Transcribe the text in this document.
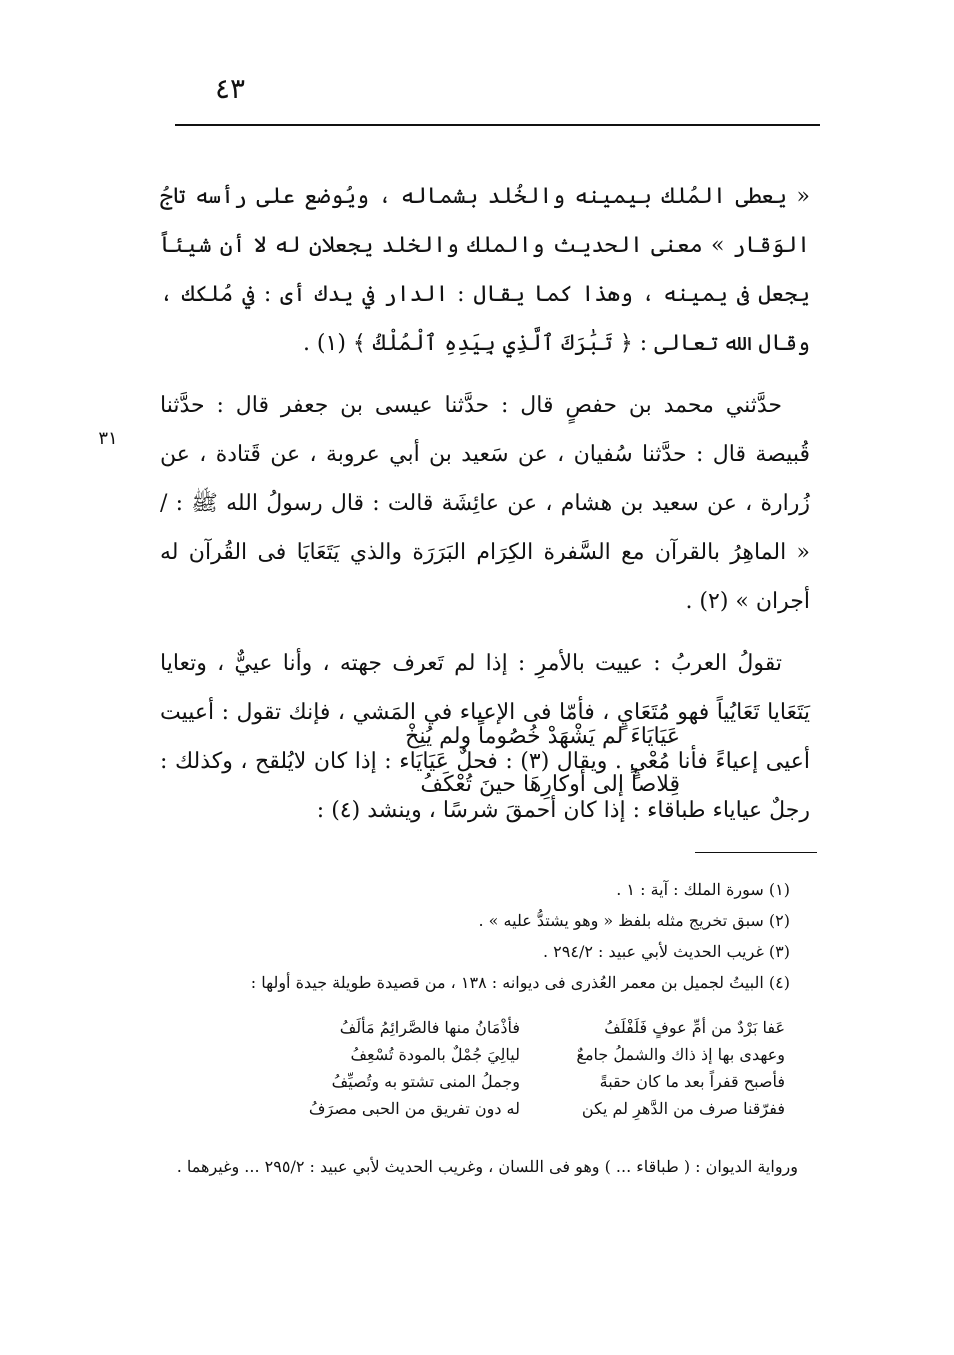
٤٣

« يعطى المُلك بيمينه والخُلد بشماله ، ويُوضع على رأسه تاجُ الوَقار » معنى الحديث والملك والخلد يجعلان له لا أن شيئاً يجعل فى يمينه ، وهذا كما يقال : الدار في يدك أى : في مُلكك ، وقال الله تعالى : ﴿ تَبَٰرَكَ ٱلَّذِي بِيَدِهِ ٱلْمُلْكُ ﴾ (١) .

حدَّثني محمد بن حفصٍ قال : حدَّثنا عيسى بن جعفر قال : حدَّثنا قُبيصة قال : حدَّثنا سُفيان ، عن سَعيد بن أبي عروبة ، عن قَتادة ، عن زُرارة ، عن سعيد بن هشام ، عن عائِشَة قالت : قال رسولُ الله ﷺ : / « الماهِرُ بالقرآن مع السَّفرة الكِرَام البَرَرَة والذي يَتَعَايَا فى القُرآن له أجران » (٢) .

تقولُ العربُ : عييت بالأمرِ : إذا لم تَعرف جهته ، وأنا عييٌّ ، وتعايا يَتَعَايا تَعَايُياً فهو مُتَعَايٍ ، فأمّا فى الإعياء في المَشي ، فإنك تقول : أعييت أعيى إعياءً فأنا مُعْيٍ . ويقال (٣) : فحلٌ عَيَايَاء : إذا كان لايُلقح ، وكذلك : رجلٌ عياياء طباقاء : إذا كان أحمقَ شرسًا ، وينشد (٤) :

٣١
عَيَايَاءَ لم يَشْهَدْ خُصُوماً ولم يُنِخْ
قِلاصاً إلى أوكارِهَا حينَ تُعْكَفُ

(١) سورة الملك : آية : ١ .

(٢) سبق تخريج مثله بلفظ « وهو يشتدُّ عليه » .

(٣) غريب الحديث لأبي عبيد : ٢٩٤/٢ .

(٤) البيتُ لجميل بن معمر العُذرى فى ديوانه : ١٣٨ ، من قصيدة طويلة جيدة أولها :

عَفا بَرْدٌ من أمِّ عوفٍ فَلَفْلَفُ
فأذْمَانُ منها فالصَّرائِمُ مَألَفُ
وعهدى بها إذ ذاك والشملُ جامعٌ
ليالِيَ جُمْلٌ بالمودة تُسْعِفُ
فأصبح قفراً بعد ما كان حقبةً
وجملُ المنى تشتو به وتُصيِّفُ
ففرّقنا صرف من الدَّهرِ لم يكن
له دون تفريق من الحبى مصرَفُ
ورواية الديوان : ( طباقاء ... ) وهو فى اللسان ، وغريب الحديث لأبي عبيد : ٢٩٥/٢ ... وغيرهما .
